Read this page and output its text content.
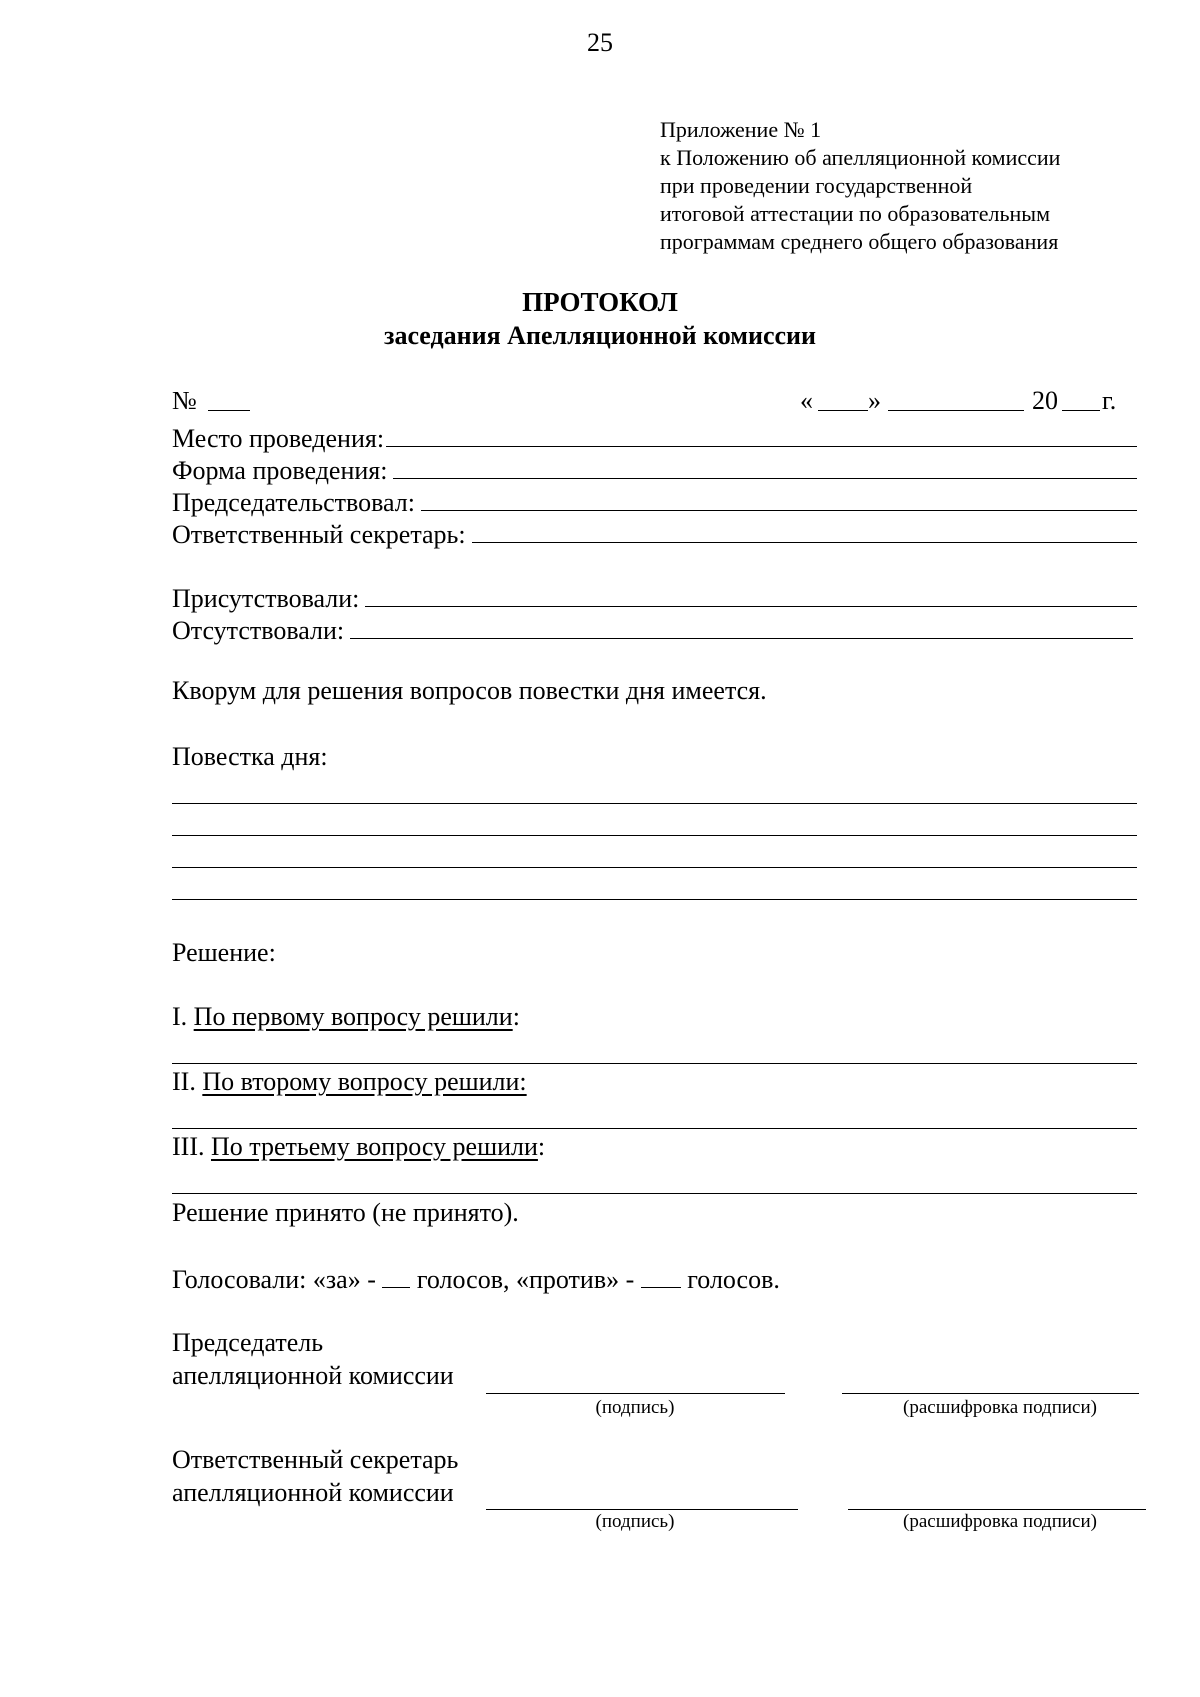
25
Приложение № 1
к Положению об апелляционной комиссии
при проведении государственной
итоговой аттестации по образовательным
программам среднего общего образования
ПРОТОКОЛ
заседания Апелляционной комиссии
№	« »	20 г.
Место проведения:
Форма проведения:
Председательствовал:
Ответственный секретарь:
Присутствовали:
Отсутствовали:
Кворум для решения вопросов повестки дня имеется.
Повестка дня:
Решение:
I. По первому вопросу решили:
II. По второму вопросу решили:
III. По третьему вопросу решили:
Решение принято (не принято).
Голосовали: «за» -  голосов, «против» -  голосов.
Председатель
апелляционной комиссии
(подпись)	(расшифровка подписи)
Ответственный секретарь
апелляционной комиссии
(подпись)	(расшифровка подписи)
